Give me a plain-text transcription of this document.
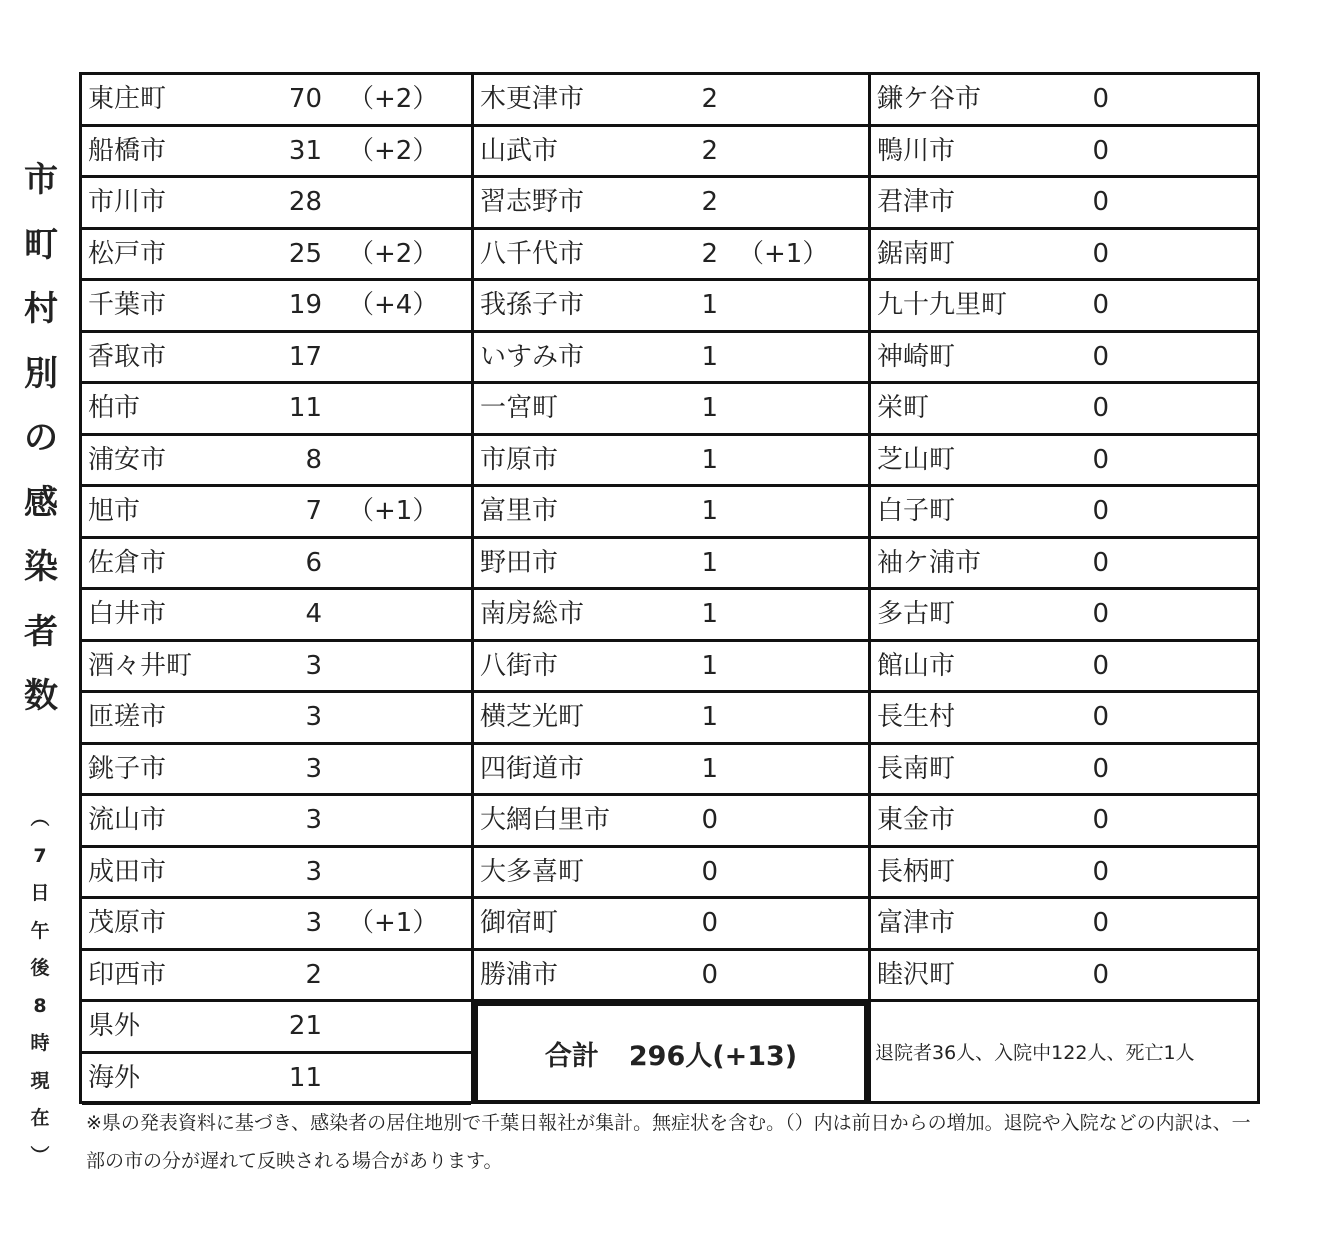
市
町
村
別
の
感
染
者
数
︵
7
日
午
後
8
時
現
在
︶
東庄町	70 （+2）
船橋市	31 （+2）
市川市	28
松戸市	25 （+2）
千葉市	19 （+4）
香取市	17
柏市	11
浦安市	8
旭市	7 （+1）
佐倉市	6
白井市	4
酒々井町	3
匝瑳市	3
銚子市	3
流山市	3
成田市	3
茂原市	3 （+1）
印西市	2
県外	21
海外	11
合計 296人(+13)
木更津市	2
山武市	2
習志野市	2
八千代市	2 （+1）
我孫子市	1
いすみ市	1
一宮町	1
市原市	1
富里市	1
野田市	1
南房総市	1
八街市	1
横芝光町	1
四街道市	1
大網白里市	0
大多喜町	0
御宿町	0
勝浦市	0
退院者36人、入院中122人、死亡1人
鎌ケ谷市	0
鴨川市	0
君津市	0
鋸南町	0
九十九里町	0
神崎町	0
栄町	0
芝山町	0
白子町	0
袖ケ浦市	0
多古町	0
館山市	0
長生村	0
長南町	0
東金市	0
長柄町	0
富津市	0
睦沢町	0
※県の発表資料に基づき、感染者の居住地別で千葉日報社が集計。無症状を含む。（）内は前日からの増加。退院や入院などの内訳は、一部の市の分が遅れて反映される場合があります。
